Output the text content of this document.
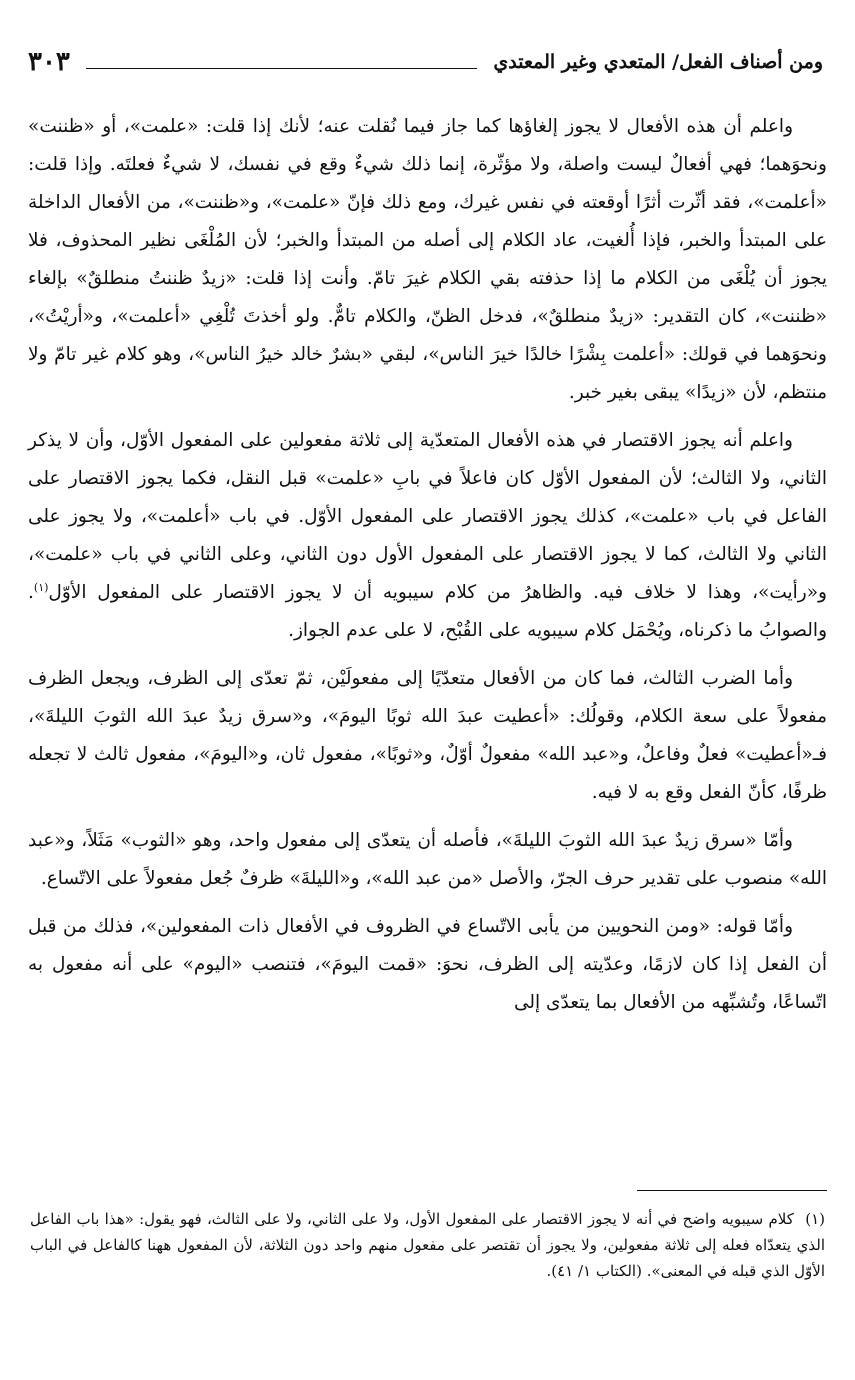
٣٠٣	ومن أصناف الفعل/ المتعدي وغير المعتدي

واعلم أن هذه الأفعال لا يجوز إلغاؤها كما جاز فيما نُقلت عنه؛ لأنك إذا قلت: «علمت»، أو «ظننت» ونحوَهما؛ فهي أفعالٌ ليست واصلة، ولا مؤثّرة، إنما ذلك شيءٌ وقع في نفسك، لا شيءٌ فعلتَه. وإذا قلت: «أعلمت»، فقد أثّرت أثرًا أوقعته في نفس غيرك، ومع ذلك فإنّ «علمت»، و«ظننت»، من الأفعال الداخلة على المبتدأ والخبر، فإذا أُلغيت، عاد الكلام إلى أصله من المبتدأ والخبر؛ لأن المُلْغَى نظير المحذوف، فلا يجوز أن يُلْغَى من الكلام ما إذا حذفته بقي الكلام غيرَ تامّ. وأنت إذا قلت: «زيدٌ ظننتُ منطلقٌ» بإلغاء «ظننت»، كان التقدير: «زيدٌ منطلقٌ»، فدخل الظنّ، والكلام تامٌّ. ولو أخذتَ تُلْغِي «أعلمت»، و«أريْتُ»، ونحوَهما في قولك: «أعلمت بِشْرًا خالدًا خيرَ الناس»، لبقي «بشرٌ خالد خيرُ الناس»، وهو كلام غير تامّ ولا منتظم، لأن «زيدًا» يبقى بغير خبر.

واعلم أنه يجوز الاقتصار في هذه الأفعال المتعدّية إلى ثلاثة مفعولين على المفعول الأوّل، وأن لا يذكر الثاني، ولا الثالث؛ لأن المفعول الأوّل كان فاعلاً في بابِ «علمت» قبل النقل، فكما يجوز الاقتصار على الفاعل في باب «علمت»، كذلك يجوز الاقتصار على المفعول الأوّل. في باب «أعلمت»، ولا يجوز على الثاني ولا الثالث، كما لا يجوز الاقتصار على المفعول الأول دون الثاني، وعلى الثاني في باب «علمت»، و«رأيت»، وهذا لا خلاف فيه. والظاهرُ من كلام سيبويه أن لا يجوز الاقتصار على المفعول الأوّل$^{(١)}$. والصوابُ ما ذكرناه، ويُحْمَل كلام سيبويه على القُبْح، لا على عدم الجواز.

وأما الضرب الثالث، فما كان من الأفعال متعدّيًا إلى مفعولَيْن، ثمّ تعدّى إلى الظرف، ويجعل الظرف مفعولاً على سعة الكلام، وقولُك: «أعطيت عبدَ الله ثوبًا اليومَ»، و«سرق زيدٌ عبدَ الله الثوبَ الليلةَ»، فـ«أعطيت» فعلٌ وفاعلٌ، و«عبد الله» مفعولٌ أوّلٌ، و«ثوبًا»، مفعول ثان، و«اليومَ»، مفعول ثالث لا تجعله ظرفًا، كأنّ الفعل وقع به لا فيه.

وأمّا «سرق زيدٌ عبدَ الله الثوبَ الليلةَ»، فأصله أن يتعدّى إلى مفعول واحد، وهو «الثوب» مَثَلاً، و«عبد الله» منصوب على تقدير حرف الجرّ، والأصل «من عبد الله»، و«الليلةَ» ظرفٌ جُعل مفعولاً على الاتّساع.

وأمّا قوله: «ومن النحويين من يأبى الاتّساع في الظروف في الأفعال ذات المفعولين»، فذلك من قبل أن الفعل إذا كان لازمًا، وعدّيته إلى الظرف، نحوَ: «قمت اليومَ»، فتنصب «اليوم» على أنه مفعول به اتّساعًا، وتُشبِّهه من الأفعال بما يتعدّى إلى

(١) كلام سيبويه واضح في أنه لا يجوز الاقتصار على المفعول الأول، ولا على الثاني، ولا على الثالث، فهو يقول: «هذا باب الفاعل الذي يتعدّاه فعله إلى ثلاثة مفعولين، ولا يجوز أن تقتصر على مفعول منهم واحد دون الثلاثة، لأن المفعول ههنا كالفاعل في الباب الأوّل الذي قبله في المعنى». (الكتاب ١/ ٤١).
